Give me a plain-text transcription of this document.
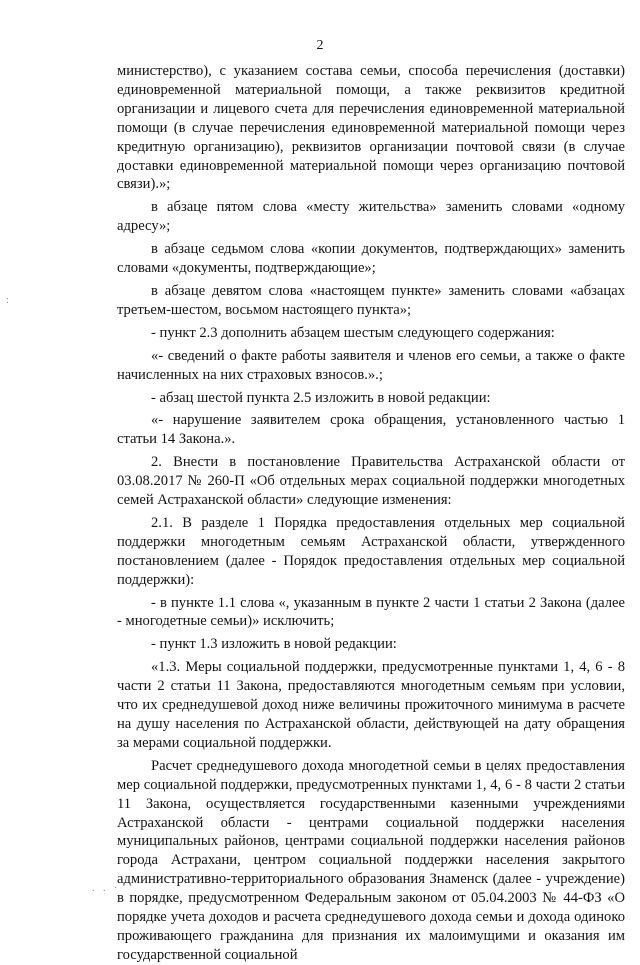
2
:
. . ·

министерство), с указанием состава семьи, способа перечисления (доставки) единовременной материальной помощи, а также реквизитов кредитной организации и лицевого счета для перечисления единовременной материальной помощи (в случае перечисления единовременной материальной помощи через кредитную организацию), реквизитов организации почтовой связи (в случае доставки единовременной материальной помощи через организацию почтовой связи).»;

в абзаце пятом слова «месту жительства» заменить словами «одному адресу»;

в абзаце седьмом слова «копии документов, подтверждающих» заменить словами «документы, подтверждающие»;

в абзаце девятом слова «настоящем пункте» заменить словами «абзацах третьем-шестом, восьмом настоящего пункта»;

- пункт 2.3 дополнить абзацем шестым следующего содержания:

«- сведений о факте работы заявителя и членов его семьи, а также о факте начисленных на них страховых взносов.».;

- абзац шестой пункта 2.5 изложить в новой редакции:

«- нарушение заявителем срока обращения, установленного частью 1 статьи 14 Закона.».

2. Внести в постановление Правительства Астраханской области от 03.08.2017 № 260-П «Об отдельных мерах социальной поддержки многодетных семей Астраханской области» следующие изменения:

2.1. В разделе 1 Порядка предоставления отдельных мер социальной поддержки многодетным семьям Астраханской области, утвержденного постановлением (далее - Порядок предоставления отдельных мер социальной поддержки):

- в пункте 1.1 слова «, указанным в пункте 2 части 1 статьи 2 Закона (далее - многодетные семьи)» исключить;

- пункт 1.3 изложить в новой редакции:

«1.3. Меры социальной поддержки, предусмотренные пунктами 1, 4, 6 - 8 части 2 статьи 11 Закона, предоставляются многодетным семьям при условии, что их среднедушевой доход ниже величины прожиточного минимума в расчете на душу населения по Астраханской области, действующей на дату обращения за мерами социальной поддержки.

Расчет среднедушевого дохода многодетной семьи в целях предоставления мер социальной поддержки, предусмотренных пунктами 1, 4, 6 - 8 части 2 статьи 11 Закона, осуществляется государственными казенными учреждениями Астраханской области - центрами социальной поддержки населения муниципальных районов, центрами социальной поддержки населения районов города Астрахани, центром социальной поддержки населения закрытого административно-территориального образования Знаменск (далее - учреждение) в порядке, предусмотренном Федеральным законом от 05.04.2003 № 44-ФЗ «О порядке учета доходов и расчета среднедушевого дохода семьи и дохода одиноко проживающего гражданина для признания их малоимущими и оказания им государственной социальной
